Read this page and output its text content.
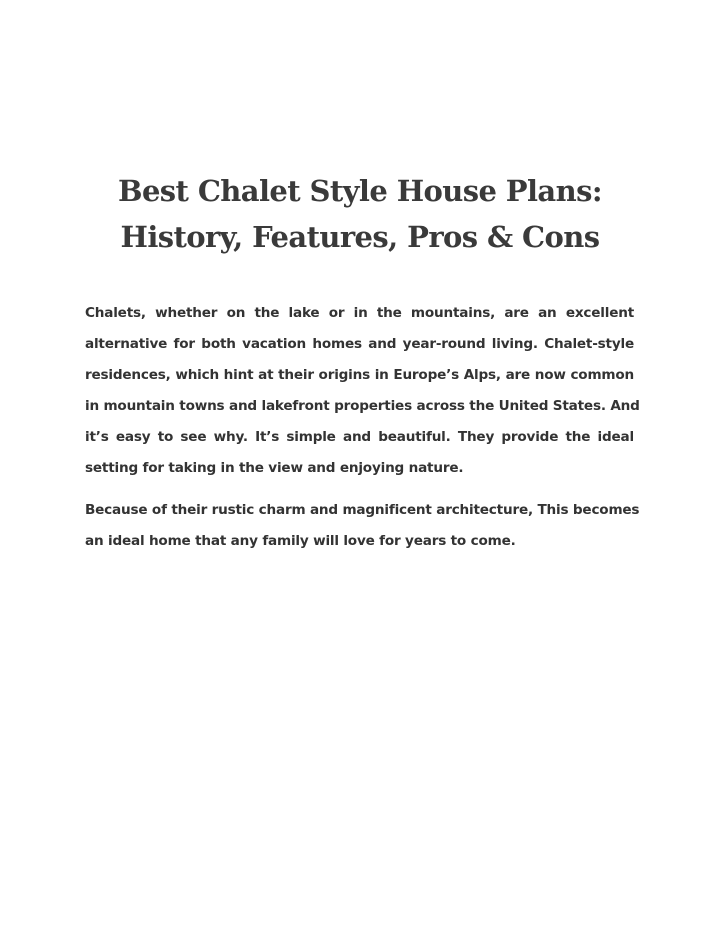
Best Chalet Style House Plans:
History, Features, Pros & Cons

Chalets, whether on the lake or in the mountains, are an excellent
alternative for both vacation homes and year-round living. Chalet-style
residences, which hint at their origins in Europe’s Alps, are now common
in mountain towns and lakefront properties across the United States. And
it’s easy to see why. It’s simple and beautiful. They provide the ideal
setting for taking in the view and enjoying nature.

Because of their rustic charm and magnificent architecture, This becomes
an ideal home that any family will love for years to come.
